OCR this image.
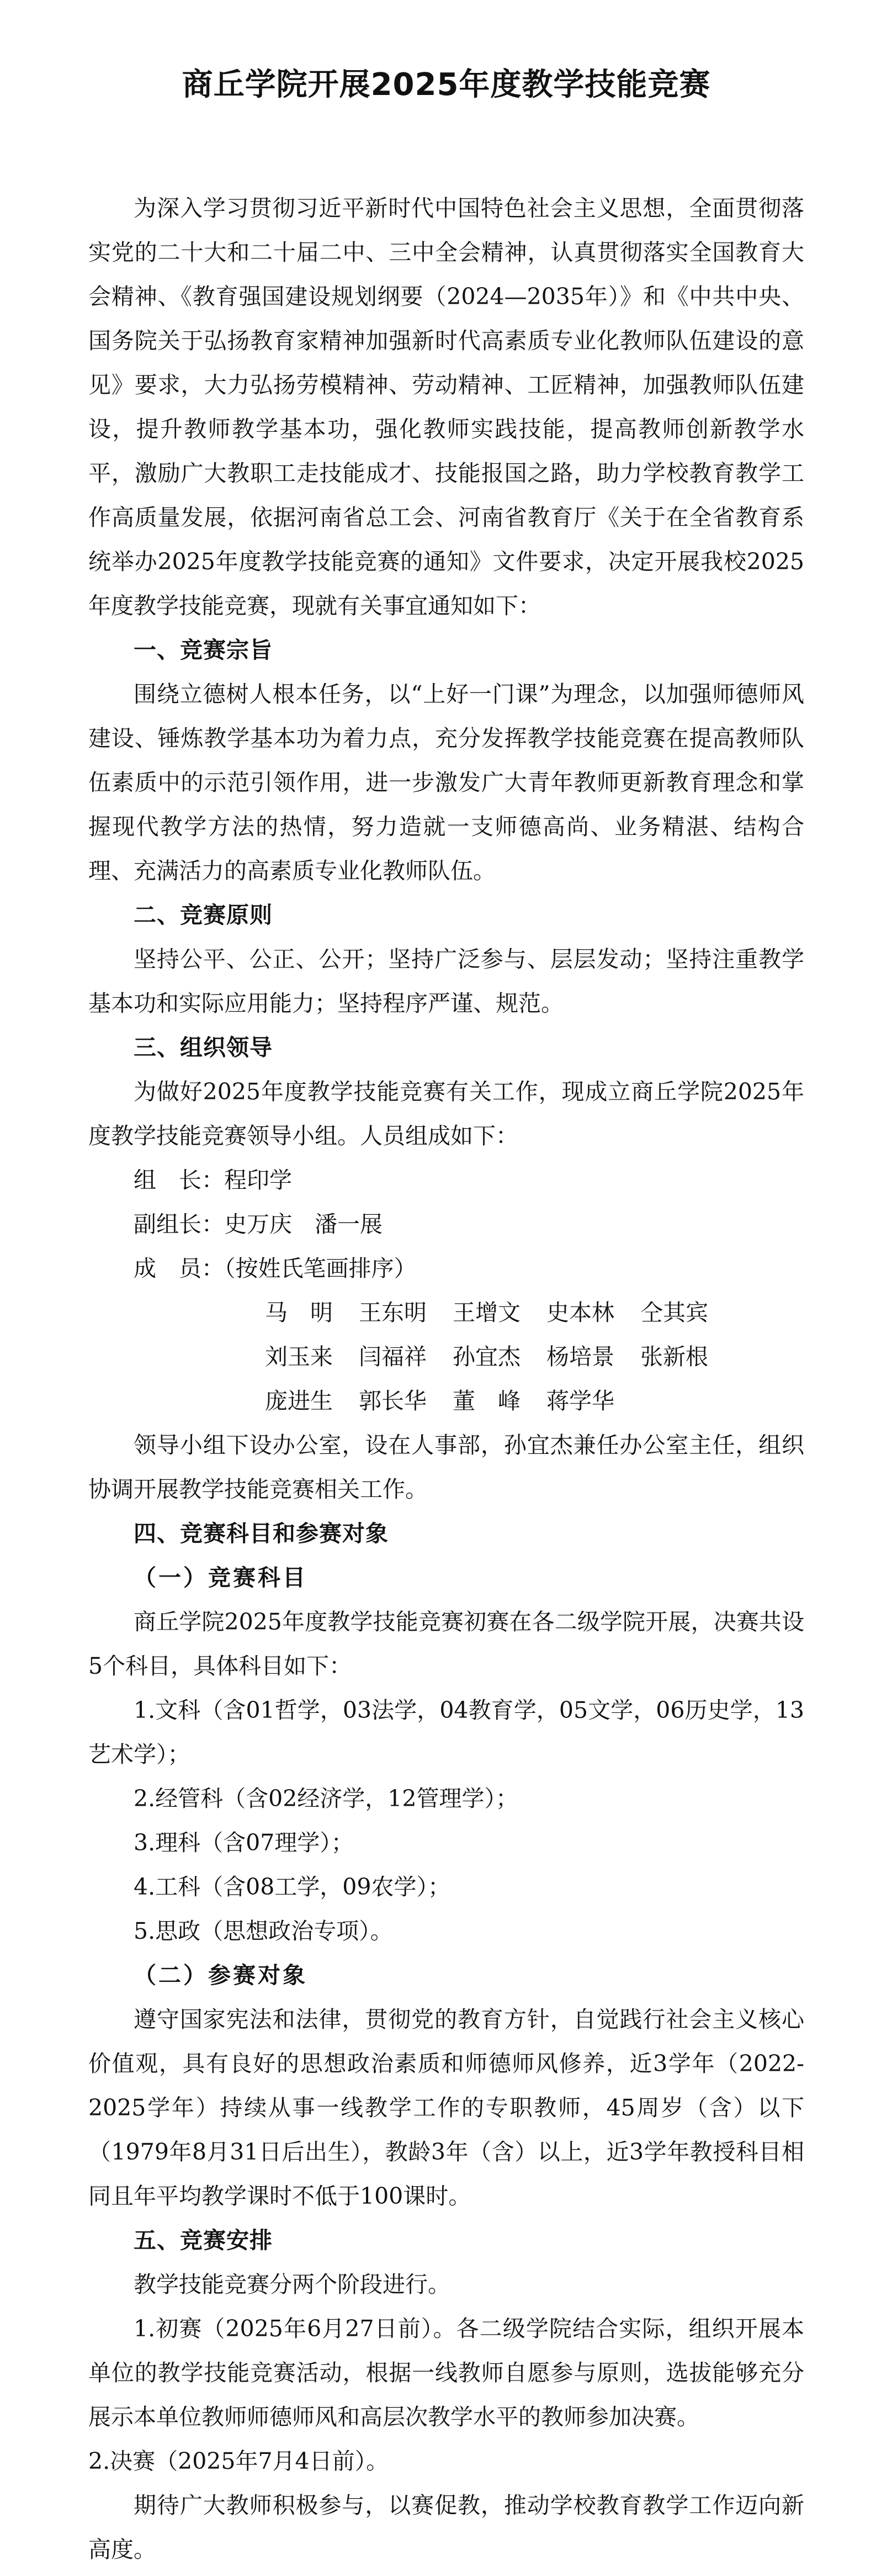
商丘学院开展2025年度教学技能竞赛

为深入学习贯彻习近平新时代中国特色社会主义思想，全面贯彻落实党的二十大和二十届二中、三中全会精神，认真贯彻落实全国教育大会精神、《教育强国建设规划纲要（2024—2035年）》和《中共中央、国务院关于弘扬教育家精神加强新时代高素质专业化教师队伍建设的意见》要求，大力弘扬劳模精神、劳动精神、工匠精神，加强教师队伍建设，提升教师教学基本功，强化教师实践技能，提高教师创新教学水平，激励广大教职工走技能成才、技能报国之路，助力学校教育教学工作高质量发展，依据河南省总工会、河南省教育厅《关于在全省教育系统举办2025年度教学技能竞赛的通知》文件要求，决定开展我校2025年度教学技能竞赛，现就有关事宜通知如下：

一、竞赛宗旨

围绕立德树人根本任务，以“上好一门课”为理念，以加强师德师风建设、锤炼教学基本功为着力点，充分发挥教学技能竞赛在提高教师队伍素质中的示范引领作用，进一步激发广大青年教师更新教育理念和掌握现代教学方法的热情，努力造就一支师德高尚、业务精湛、结构合理、充满活力的高素质专业化教师队伍。

二、竞赛原则

坚持公平、公正、公开；坚持广泛参与、层层发动；坚持注重教学基本功和实际应用能力；坚持程序严谨、规范。

三、组织领导

为做好2025年度教学技能竞赛有关工作，现成立商丘学院2025年度教学技能竞赛领导小组。人员组成如下：

组　长：程印学

副组长：史万庆　潘一展

成　员：（按姓氏笔画排序）

马　明	王东明	王增文	史本林	仝其宾
刘玉来	闫福祥	孙宜杰	杨培景	张新根
庞进生	郭长华	董　峰	蒋学华

领导小组下设办公室，设在人事部，孙宜杰兼任办公室主任，组织协调开展教学技能竞赛相关工作。

四、竞赛科目和参赛对象

（一）竞赛科目

商丘学院2025年度教学技能竞赛初赛在各二级学院开展，决赛共设5个科目，具体科目如下：

1.文科（含01哲学，03法学，04教育学，05文学，06历史学，13艺术学）；

2.经管科（含02经济学，12管理学）；

3.理科（含07理学）；

4.工科（含08工学，09农学）；

5.思政（思想政治专项）。

（二）参赛对象

遵守国家宪法和法律，贯彻党的教育方针，自觉践行社会主义核心价值观，具有良好的思想政治素质和师德师风修养，近3学年（2022-2025学年）持续从事一线教学工作的专职教师，45周岁（含）以下（1979年8月31日后出生），教龄3年（含）以上，近3学年教授科目相同且年平均教学课时不低于100课时。

五、竞赛安排

教学技能竞赛分两个阶段进行。

1.初赛（2025年6月27日前）。各二级学院结合实际，组织开展本单位的教学技能竞赛活动，根据一线教师自愿参与原则，选拔能够充分展示本单位教师师德师风和高层次教学水平的教师参加决赛。

2.决赛（2025年7月4日前）。

期待广大教师积极参与，以赛促教，推动学校教育教学工作迈向新高度。
